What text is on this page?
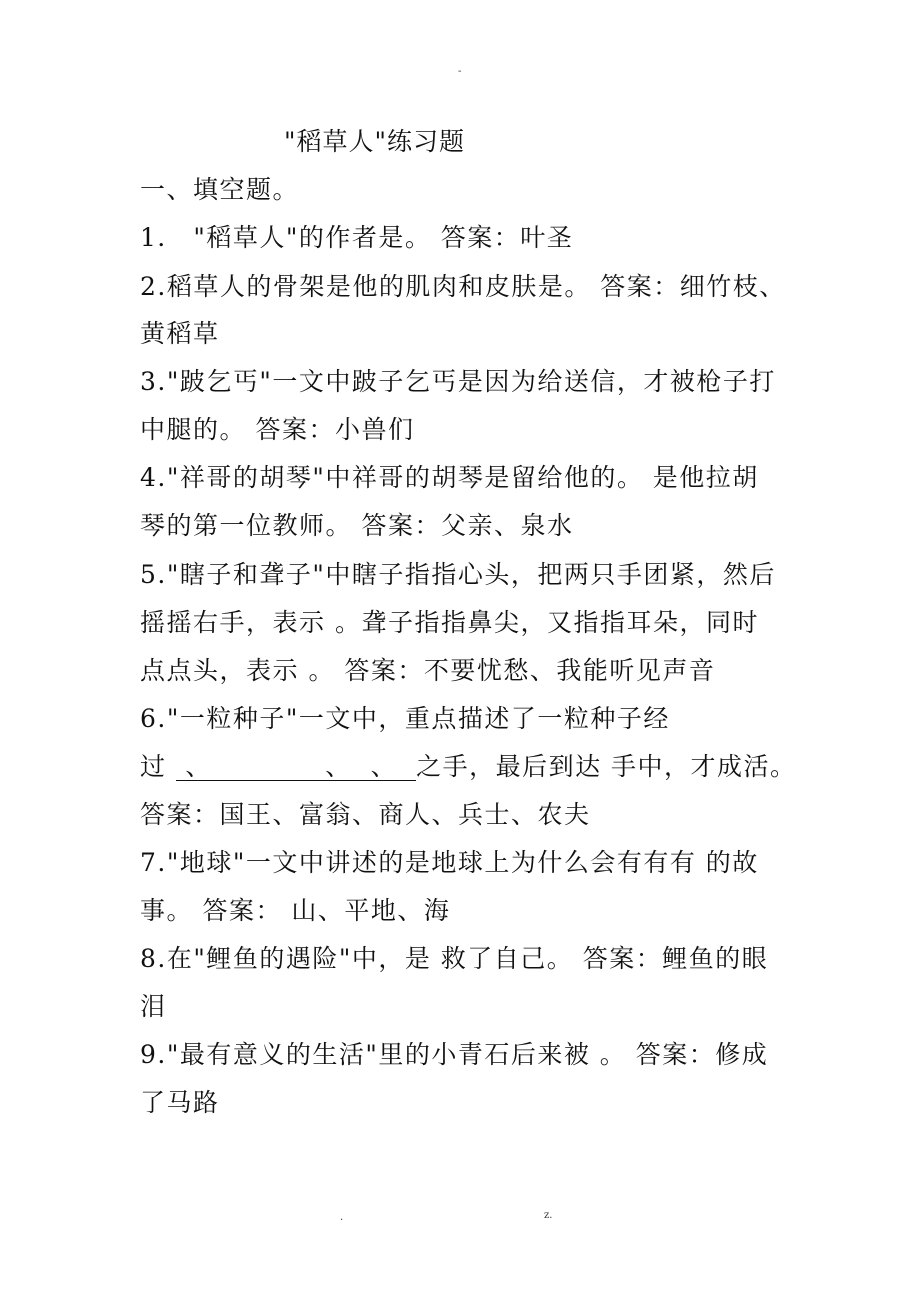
-
"稻草人"练习题
一、填空题。
1． "稻草人"的作者是。 答案：叶圣
2.稻草人的骨架是他的肌肉和皮肤是。 答案：细竹枝、
黄稻草
3."跛乞丐"一文中跛子乞丐是因为给送信，才被枪子打
中腿的。 答案：小兽们
4."祥哥的胡琴"中祥哥的胡琴是留给他的。 是他拉胡
琴的第一位教师。 答案：父亲、泉水
5."瞎子和聋子"中瞎子指指心头，把两只手团紧，然后
摇摇右手，表示 。聋子指指鼻尖，又指指耳朵，同时
点点头，表示 。 答案：不要忧愁、我能听见声音
6."一粒种子"一文中，重点描述了一粒种子经
过  、            、  、  之手，最后到达 手中，才成活。
答案：国王、富翁、商人、兵士、农夫
7."地球"一文中讲述的是地球上为什么会有有有 的故
事。 答案： 山、平地、海
8.在"鲤鱼的遇险"中，是 救了自己。 答案：鲤鱼的眼
泪
9."最有意义的生活"里的小青石后来被 。 答案：修成
了马路
.	z.
